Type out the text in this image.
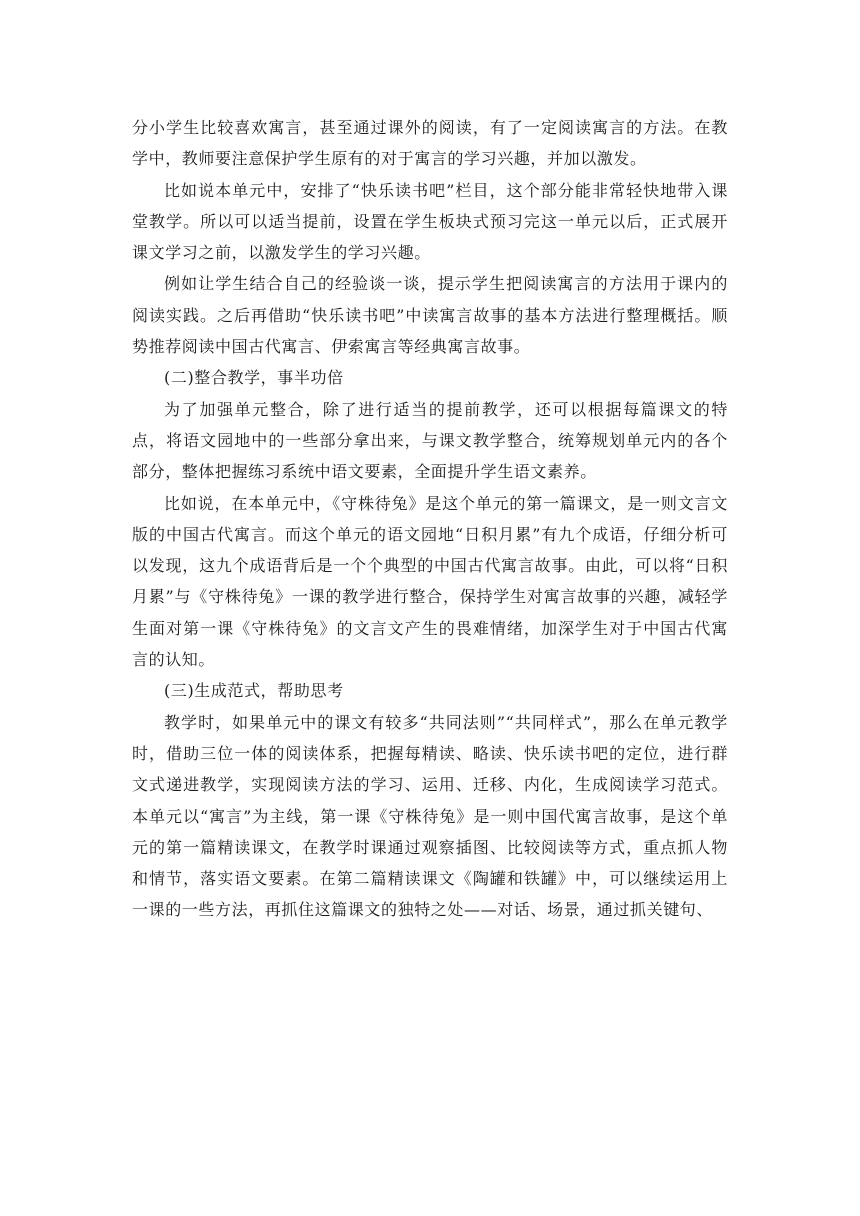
分小学生比较喜欢寓言，甚至通过课外的阅读，有了一定阅读寓言的方法。在教学中，教师要注意保护学生原有的对于寓言的学习兴趣，并加以激发。

比如说本单元中，安排了“快乐读书吧”栏目，这个部分能非常轻快地带入课堂教学。所以可以适当提前，设置在学生板块式预习完这一单元以后，正式展开课文学习之前，以激发学生的学习兴趣。

例如让学生结合自己的经验谈一谈，提示学生把阅读寓言的方法用于课内的阅读实践。之后再借助“快乐读书吧”中读寓言故事的基本方法进行整理概括。顺势推荐阅读中国古代寓言、伊索寓言等经典寓言故事。

(二)整合教学，事半功倍

为了加强单元整合，除了进行适当的提前教学，还可以根据每篇课文的特点，将语文园地中的一些部分拿出来，与课文教学整合，统筹规划单元内的各个部分，整体把握练习系统中语文要素，全面提升学生语文素养。

比如说，在本单元中，《守株待兔》是这个单元的第一篇课文，是一则文言文版的中国古代寓言。而这个单元的语文园地“日积月累”有九个成语，仔细分析可以发现，这九个成语背后是一个个典型的中国古代寓言故事。由此，可以将“日积月累”与《守株待兔》一课的教学进行整合，保持学生对寓言故事的兴趣，减轻学生面对第一课《守株待兔》的文言文产生的畏难情绪，加深学生对于中国古代寓言的认知。

(三)生成范式，帮助思考

教学时，如果单元中的课文有较多“共同法则”“共同样式”，那么在单元教学时，借助三位一体的阅读体系，把握每精读、略读、快乐读书吧的定位，进行群文式递进教学，实现阅读方法的学习、运用、迁移、内化，生成阅读学习范式。本单元以“寓言”为主线，第一课《守株待兔》是一则中国代寓言故事，是这个单元的第一篇精读课文，在教学时课通过观察插图、比较阅读等方式，重点抓人物和情节，落实语文要素。在第二篇精读课文《陶罐和铁罐》中，可以继续运用上一课的一些方法，再抓住这篇课文的独特之处——对话、场景，通过抓关键句、
